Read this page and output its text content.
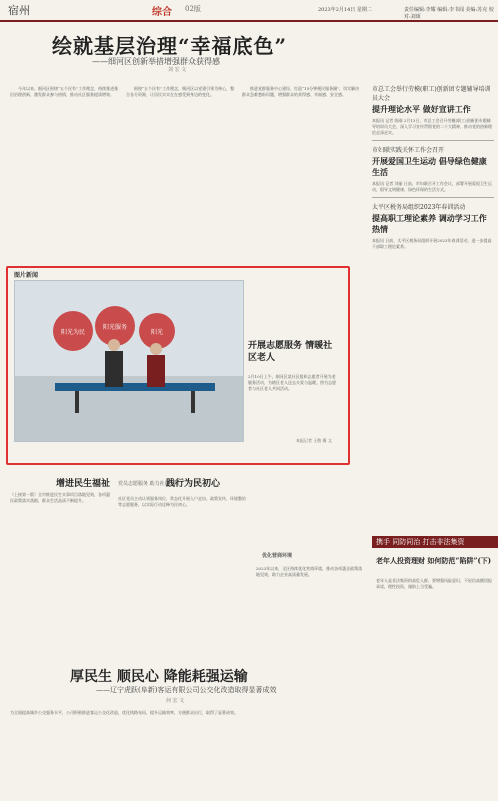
宿州	综合 02版	2023年2月14日 星期二	责任编辑:李耀 编辑:李书闻 美编:苏克 校对:刘颂
绘就基层治理“幸福底色”
——细河区创新举措增强群众获得感
刘 宏 文

今年以来，细河区围绕“五个民有”工作理念，持续推进基层治理创新，激发群众参与热情，推动社区服务提质增效。

围绕“五个民有”工作理念，细河区以党建引领为核心，整合各方资源，让居民实实在在感受到身边的变化。

推进党群服务中心建设，打造“15分钟便民服务圈”，切实解决群众急难愁盼问题，增强群众的获得感、幸福感、安全感。

市总工会举行劳模(职工)创新团专题辅导培训员大会
提升理论水平 做好宣讲工作
本报讯 记者 陈刚 2月13日，市总工会召开劳模(职工)创新团专题辅导培训员大会，深入学习宣传贯彻党的二十大精神，推动党的创新理论走深走实。
市妇联实践关怀工作会召开
开展爱国卫生运动 倡导绿色健康生活
本报讯 记者 刘丽 日前，市妇联召开工作会议，部署开展爱国卫生运动，倡导文明健康、绿色环保的生活方式。
太平区税务局组织2023年春训活动
提高职工理论素养 调动学习工作热情
本报讯 日前，太平区税务局组织开展2023年春训活动，进一步提高干部职工理论素养。
图片新闻
阳光为民
阳光服务
阳光
开展志愿服务 情暖社区老人
2月10日上午，细河区某社区组织志愿者开展为老服务活动，为辖区老人送去关爱与温暖。图为志愿者与社区老人共同活动。
本报记者 王敬 摄 文
增进民生福祉
（上接第一版）全市推进民生实事项目落地见效，各项惠民政策落实落细，群众生活品质不断提升。
党员志愿服务 助力社区发展
践行为民初心
社区党员主动认领服务岗位，常态化开展入户走访、政策宣传、环境整治等志愿服务，以实际行动诠释为民初心。
优化营商环境
2023年以来，全区持续优化营商环境，推动各项惠企政策落地见效，助力企业高质量发展。
携手 同防同治 打击非法集资
老年人投资理财 如何防范“陷阱”(下)
老年人是非法集资的高危人群，要增强风险意识，不轻信高额回报承诺，理性投资，谨防上当受骗。
厚民生 顺民心 降能耗强运输
——辽宁虎跃(阜新)客运有限公司公交化改造取得显著成效
何 宏 文
为全面提高城乡公交服务水平，公司积极推进客运公交化改造，优化线路布局，提升运输效率，方便群众出行，取得了显著成效。
